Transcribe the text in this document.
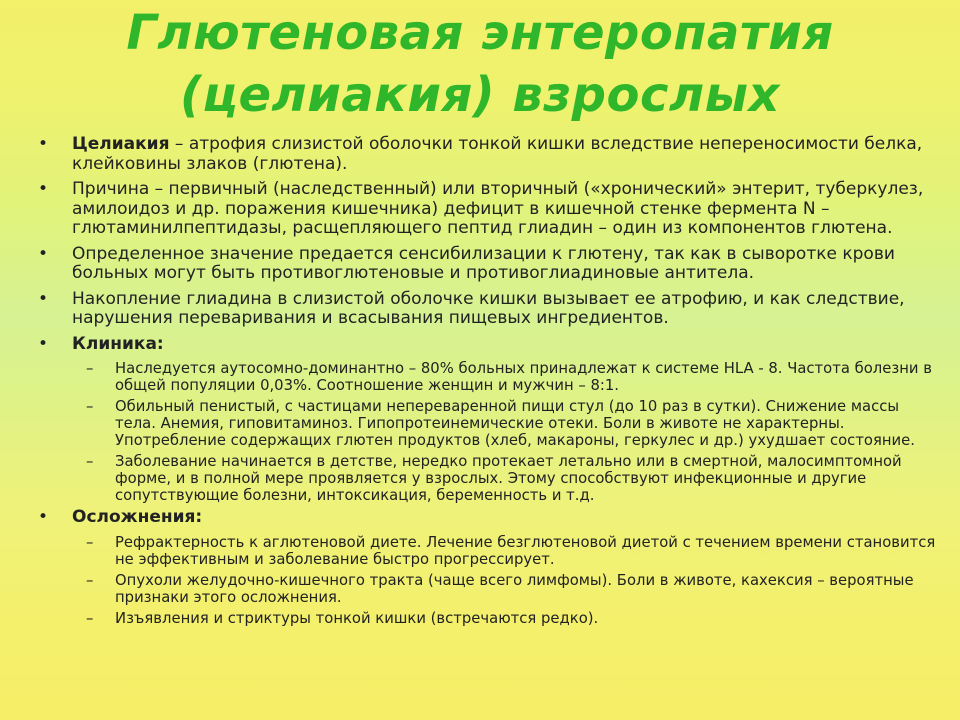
Глютеновая энтеропатия
(целиакия) взрослых
• Целиакия – атрофия слизистой оболочки тонкой кишки вследствие непереносимости белка, клейковины злаков (глютена).
• Причина – первичный (наследственный) или вторичный («хронический» энтерит, туберкулез, амилоидоз и др. поражения кишечника) дефицит в кишечной стенке фермента N – глютаминилпептидазы, расщепляющего пептид глиадин – один из компонентов глютена.
• Определенное значение предается сенсибилизации к глютену, так как в сыворотке крови больных могут быть противоглютеновые и противоглиадиновые антитела.
• Накопление глиадина в слизистой оболочке кишки вызывает ее атрофию, и как следствие, нарушения переваривания и всасывания пищевых ингредиентов.
• Клиника:
– Наследуется аутосомно-доминантно – 80% больных принадлежат к системе HLA - 8. Частота болезни в общей популяции 0,03%. Соотношение женщин и мужчин – 8:1.
– Обильный пенистый, с частицами непереваренной пищи стул (до 10 раз в сутки). Снижение массы тела. Анемия, гиповитаминоз. Гипопротеинемические отеки. Боли в животе не характерны. Употребление содержащих глютен продуктов (хлеб, макароны, геркулес и др.) ухудшает состояние.
– Заболевание начинается в детстве, нередко протекает летально или в смертной, малосимптомной форме, и в полной мере проявляется у взрослых. Этому способствуют инфекционные и другие сопутствующие болезни, интоксикация, беременность и т.д.
• Осложнения:
– Рефрактерность к аглютеновой диете. Лечение безглютеновой диетой с течением времени становится не эффективным и заболевание быстро прогрессирует.
– Опухоли желудочно-кишечного тракта (чаще всего лимфомы). Боли в животе, кахексия – вероятные признаки этого осложнения.
– Изъявления и стриктуры тонкой кишки (встречаются редко).
